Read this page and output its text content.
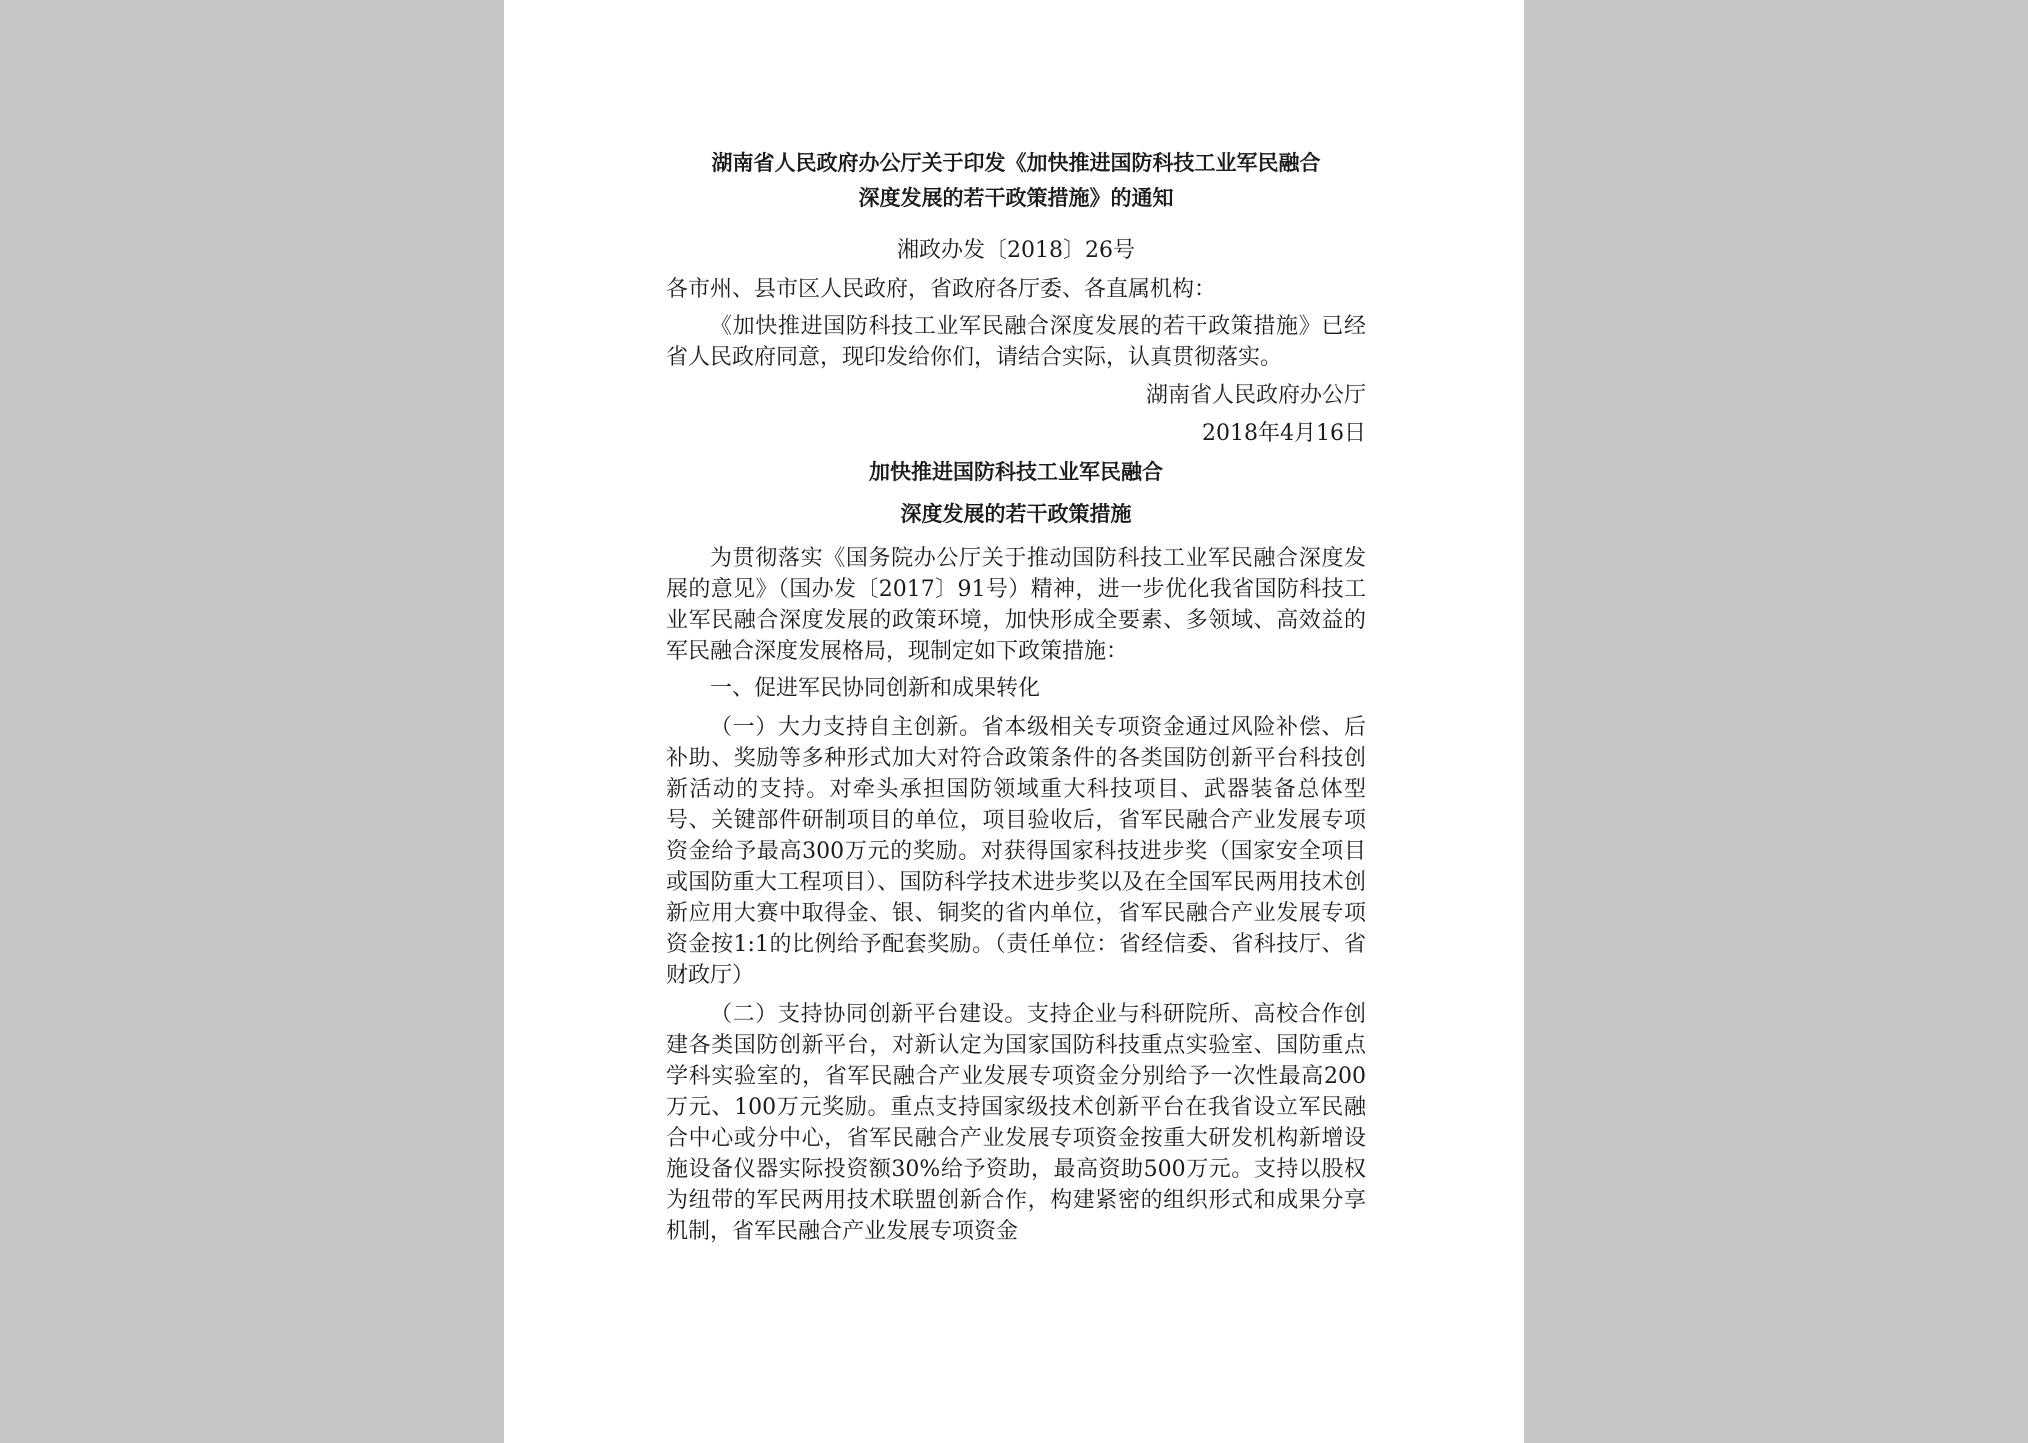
湖南省人民政府办公厅关于印发《加快推进国防科技工业军民融合
深度发展的若干政策措施》的通知
湘政办发〔2018〕26号

各市州、县市区人民政府，省政府各厅委、各直属机构：

《加快推进国防科技工业军民融合深度发展的若干政策措施》已经省人民政府同意，现印发给你们，请结合实际，认真贯彻落实。

湖南省人民政府办公厅
2018年4月16日
加快推进国防科技工业军民融合
深度发展的若干政策措施

为贯彻落实《国务院办公厅关于推动国防科技工业军民融合深度发展的意见》（国办发〔2017〕91号）精神，进一步优化我省国防科技工业军民融合深度发展的政策环境，加快形成全要素、多领域、高效益的军民融合深度发展格局，现制定如下政策措施：

一、促进军民协同创新和成果转化

（一）大力支持自主创新。省本级相关专项资金通过风险补偿、后补助、奖励等多种形式加大对符合政策条件的各类国防创新平台科技创新活动的支持。对牵头承担国防领域重大科技项目、武器装备总体型号、关键部件研制项目的单位，项目验收后，省军民融合产业发展专项资金给予最高300万元的奖励。对获得国家科技进步奖（国家安全项目或国防重大工程项目）、国防科学技术进步奖以及在全国军民两用技术创新应用大赛中取得金、银、铜奖的省内单位，省军民融合产业发展专项资金按1:1的比例给予配套奖励。（责任单位：省经信委、省科技厅、省财政厅）

（二）支持协同创新平台建设。支持企业与科研院所、高校合作创建各类国防创新平台，对新认定为国家国防科技重点实验室、国防重点学科实验室的，省军民融合产业发展专项资金分别给予一次性最高200万元、100万元奖励。重点支持国家级技术创新平台在我省设立军民融合中心或分中心，省军民融合产业发展专项资金按重大研发机构新增设施设备仪器实际投资额30%给予资助，最高资助500万元。支持以股权为纽带的军民两用技术联盟创新合作，构建紧密的组织形式和成果分享机制，省军民融合产业发展专项资金
